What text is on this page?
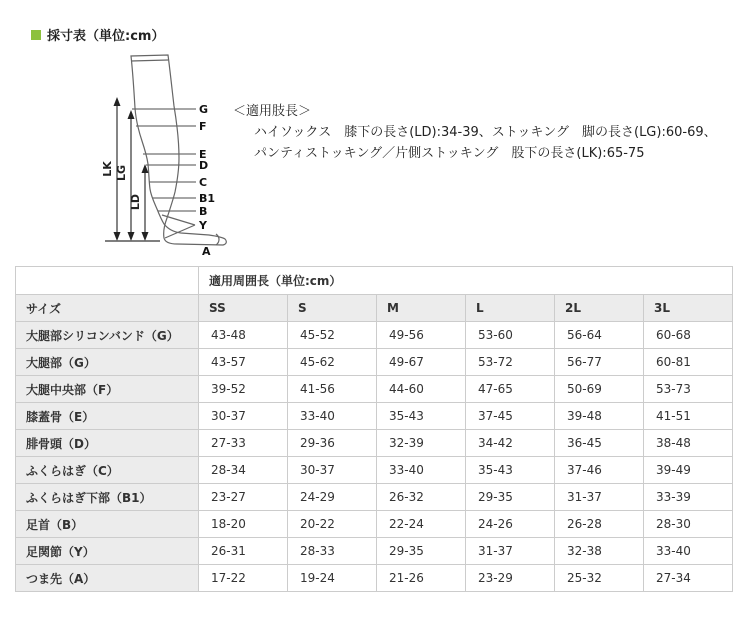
採寸表（単位:cm）
LK LG
LD
G
F
E
D
C
B1
B
Y
A
＜適用肢長＞
ハイソックス　膝下の長さ(LD):34-39、ストッキング　脚の長さ(LG):60-69、
パンティストッキング／片側ストッキング　股下の長さ(LK):65-75
	適用周囲長（単位:cm）					
サイズ	SS	S	M	L	2L	3L
大腿部シリコンバンド（G）	43-48	45-52	49-56	53-60	56-64	60-68
大腿部（G）	43-57	45-62	49-67	53-72	56-77	60-81
大腿中央部（F）	39-52	41-56	44-60	47-65	50-69	53-73
膝蓋骨（E）	30-37	33-40	35-43	37-45	39-48	41-51
腓骨頭（D）	27-33	29-36	32-39	34-42	36-45	38-48
ふくらはぎ（C）	28-34	30-37	33-40	35-43	37-46	39-49
ふくらはぎ下部（B1）	23-27	24-29	26-32	29-35	31-37	33-39
足首（B）	18-20	20-22	22-24	24-26	26-28	28-30
足関節（Y）	26-31	28-33	29-35	31-37	32-38	33-40
つま先（A）	17-22	19-24	21-26	23-29	25-32	27-34
